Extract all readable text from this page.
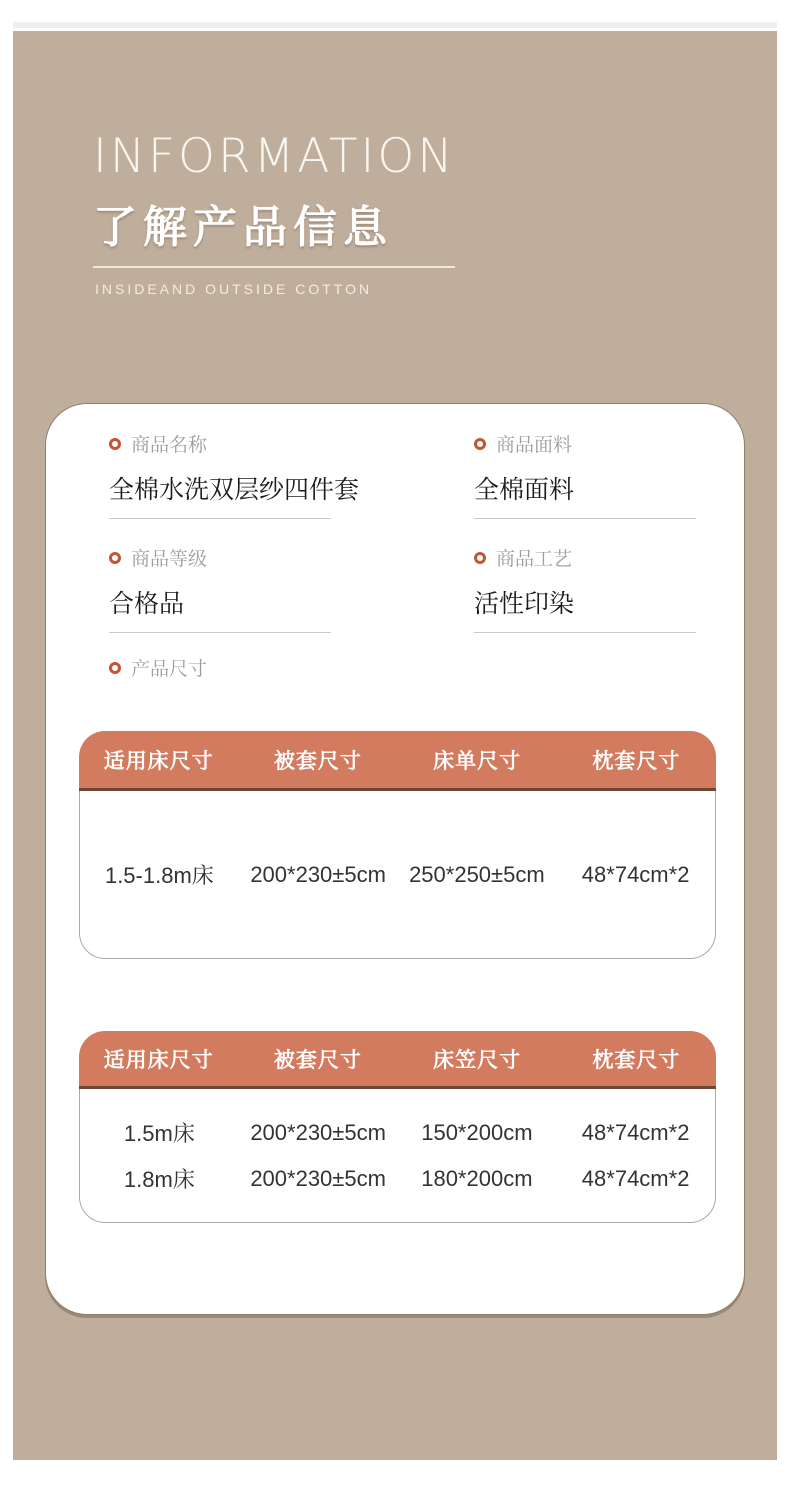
INFORMATION
了解产品信息
INSIDEAND OUTSIDE COTTON
商品名称
全棉水洗双层纱四件套
商品面料
全棉面料
商品等级
合格品
商品工艺
活性印染
产品尺寸
适用床尺寸	被套尺寸	床单尺寸	枕套尺寸
1.5-1.8m床	200*230±5cm	250*250±5cm	48*74cm*2
适用床尺寸	被套尺寸	床笠尺寸	枕套尺寸
1.5m床	200*230±5cm	150*200cm	48*74cm*2
1.8m床	200*230±5cm	180*200cm	48*74cm*2
